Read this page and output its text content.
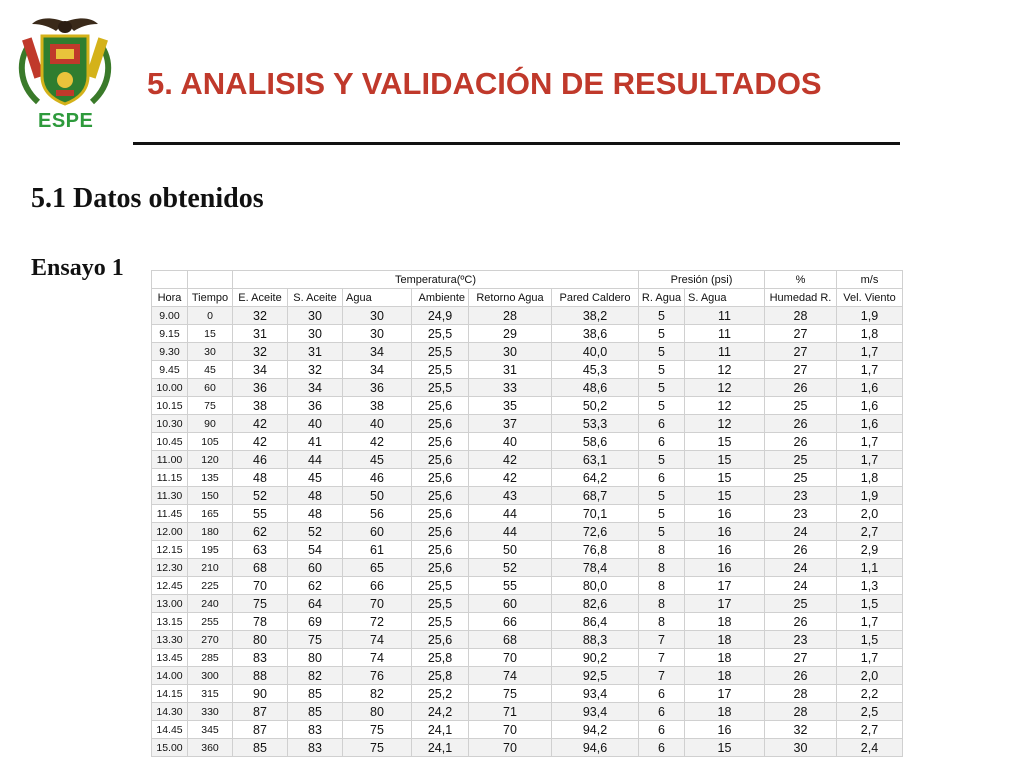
ESPE
5. ANALISIS Y VALIDACIÓN DE RESULTADOS
5.1 Datos obtenidos
Ensayo 1
			Temperatura(ºC)						Presión (psi)		%	m/s
Hora	Tiempo	E. Aceite	S. Aceite	Agua	Ambiente	Retorno Agua	Pared Caldero	R. Agua	S. Agua	Humedad R.	Vel. Viento
9.00	0	32	30	30	24,9	28	38,2	5	11	28	1,9
9.15	15	31	30	30	25,5	29	38,6	5	11	27	1,8
9.30	30	32	31	34	25,5	30	40,0	5	11	27	1,7
9.45	45	34	32	34	25,5	31	45,3	5	12	27	1,7
10.00	60	36	34	36	25,5	33	48,6	5	12	26	1,6
10.15	75	38	36	38	25,6	35	50,2	5	12	25	1,6
10.30	90	42	40	40	25,6	37	53,3	6	12	26	1,6
10.45	105	42	41	42	25,6	40	58,6	6	15	26	1,7
11.00	120	46	44	45	25,6	42	63,1	5	15	25	1,7
11.15	135	48	45	46	25,6	42	64,2	6	15	25	1,8
11.30	150	52	48	50	25,6	43	68,7	5	15	23	1,9
11.45	165	55	48	56	25,6	44	70,1	5	16	23	2,0
12.00	180	62	52	60	25,6	44	72,6	5	16	24	2,7
12.15	195	63	54	61	25,6	50	76,8	8	16	26	2,9
12.30	210	68	60	65	25,6	52	78,4	8	16	24	1,1
12.45	225	70	62	66	25,5	55	80,0	8	17	24	1,3
13.00	240	75	64	70	25,5	60	82,6	8	17	25	1,5
13.15	255	78	69	72	25,5	66	86,4	8	18	26	1,7
13.30	270	80	75	74	25,6	68	88,3	7	18	23	1,5
13.45	285	83	80	74	25,8	70	90,2	7	18	27	1,7
14.00	300	88	82	76	25,8	74	92,5	7	18	26	2,0
14.15	315	90	85	82	25,2	75	93,4	6	17	28	2,2
14.30	330	87	85	80	24,2	71	93,4	6	18	28	2,5
14.45	345	87	83	75	24,1	70	94,2	6	16	32	2,7
15.00	360	85	83	75	24,1	70	94,6	6	15	30	2,4
